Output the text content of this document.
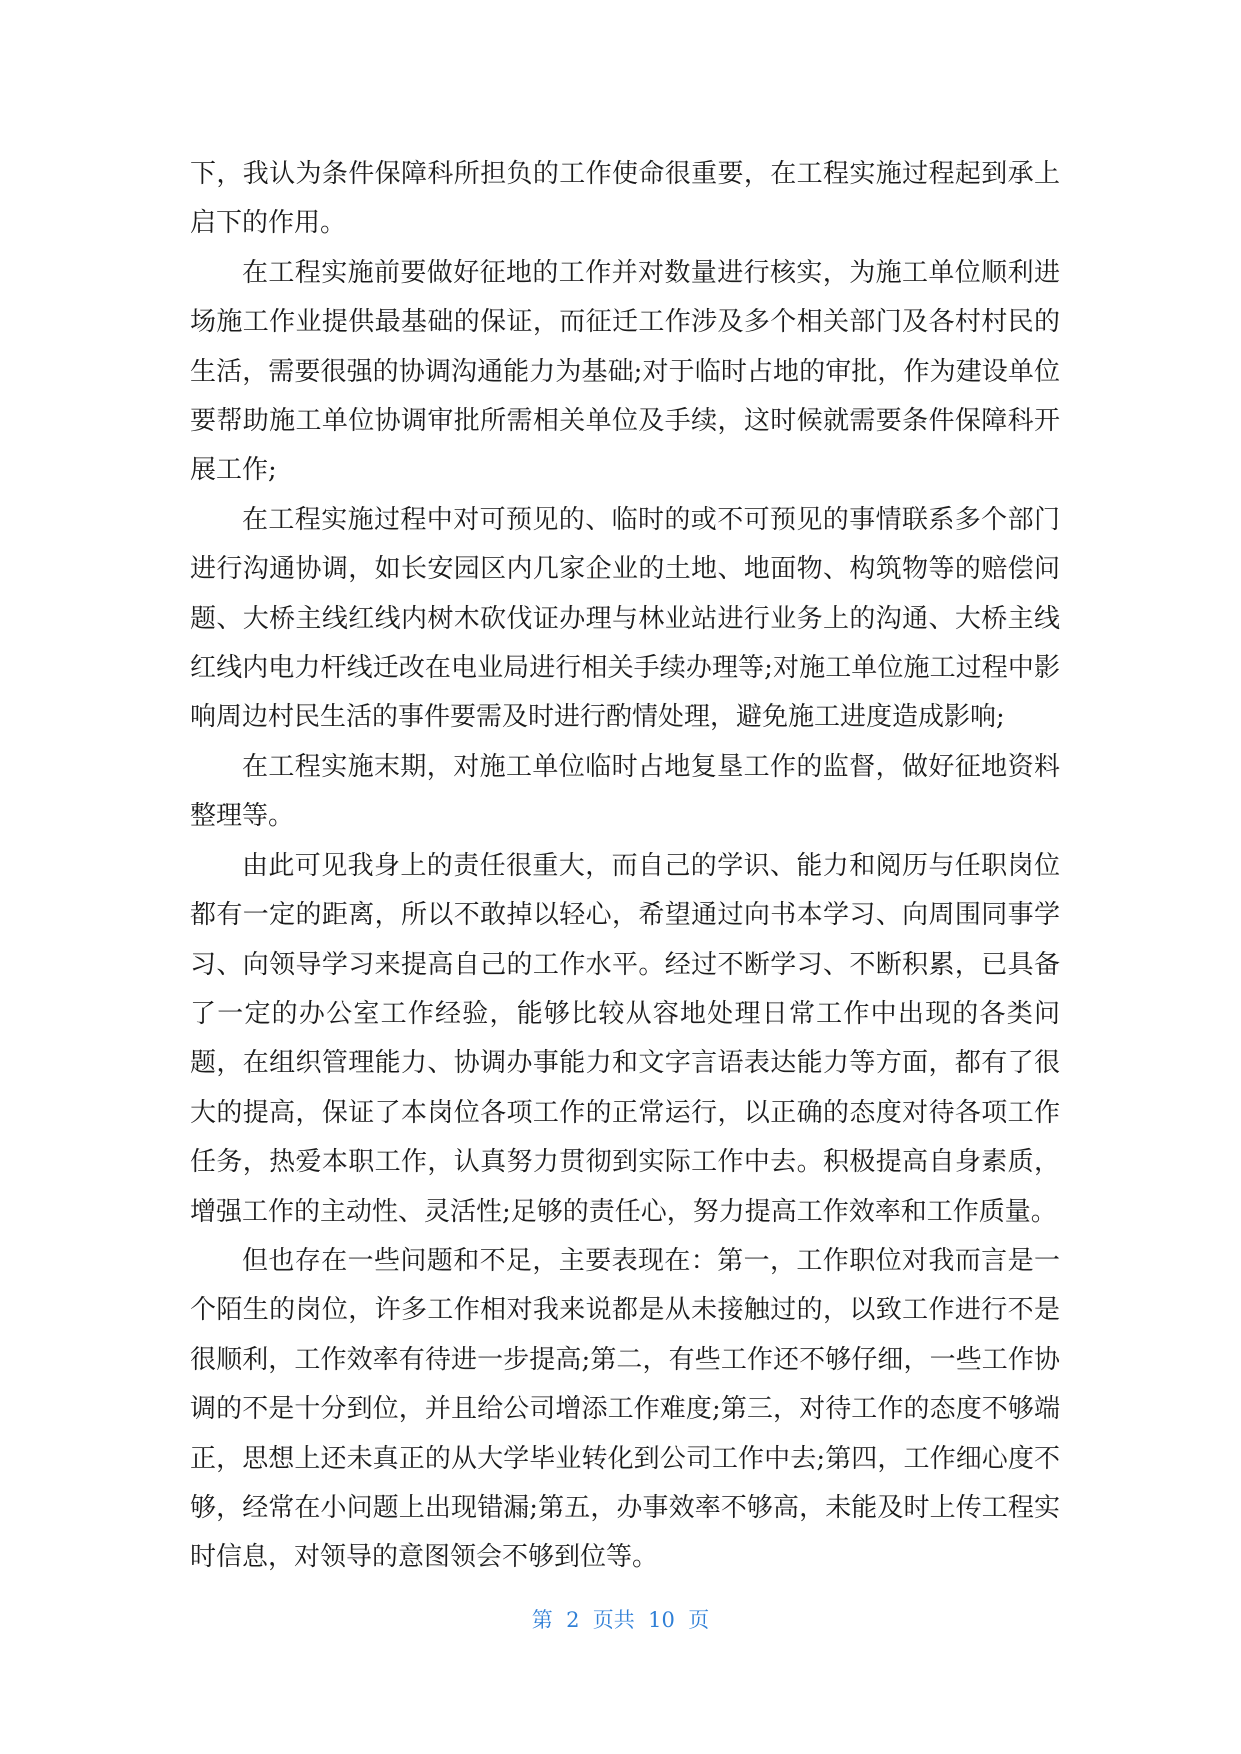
下，我认为条件保障科所担负的工作使命很重要，在工程实施过程起到承上启下的作用。

在工程实施前要做好征地的工作并对数量进行核实，为施工单位顺利进场施工作业提供最基础的保证，而征迁工作涉及多个相关部门及各村村民的生活，需要很强的协调沟通能力为基础;对于临时占地的审批，作为建设单位要帮助施工单位协调审批所需相关单位及手续，这时候就需要条件保障科开展工作;

在工程实施过程中对可预见的、临时的或不可预见的事情联系多个部门进行沟通协调，如长安园区内几家企业的土地、地面物、构筑物等的赔偿问题、大桥主线红线内树木砍伐证办理与林业站进行业务上的沟通、大桥主线红线内电力杆线迁改在电业局进行相关手续办理等;对施工单位施工过程中影响周边村民生活的事件要需及时进行酌情处理，避免施工进度造成影响;

在工程实施末期，对施工单位临时占地复垦工作的监督，做好征地资料整理等。

由此可见我身上的责任很重大，而自己的学识、能力和阅历与任职岗位都有一定的距离，所以不敢掉以轻心，希望通过向书本学习、向周围同事学习、向领导学习来提高自己的工作水平。经过不断学习、不断积累，已具备了一定的办公室工作经验，能够比较从容地处理日常工作中出现的各类问题，在组织管理能力、协调办事能力和文字言语表达能力等方面，都有了很大的提高，保证了本岗位各项工作的正常运行，以正确的态度对待各项工作任务，热爱本职工作，认真努力贯彻到实际工作中去。积极提高自身素质，增强工作的主动性、灵活性;足够的责任心，努力提高工作效率和工作质量。

但也存在一些问题和不足，主要表现在：第一，工作职位对我而言是一个陌生的岗位，许多工作相对我来说都是从未接触过的，以致工作进行不是很顺利，工作效率有待进一步提高;第二，有些工作还不够仔细，一些工作协调的不是十分到位，并且给公司增添工作难度;第三，对待工作的态度不够端正，思想上还未真正的从大学毕业转化到公司工作中去;第四，工作细心度不够，经常在小问题上出现错漏;第五，办事效率不够高，未能及时上传工程实时信息，对领导的意图领会不够到位等。

第  2  页共  10  页
